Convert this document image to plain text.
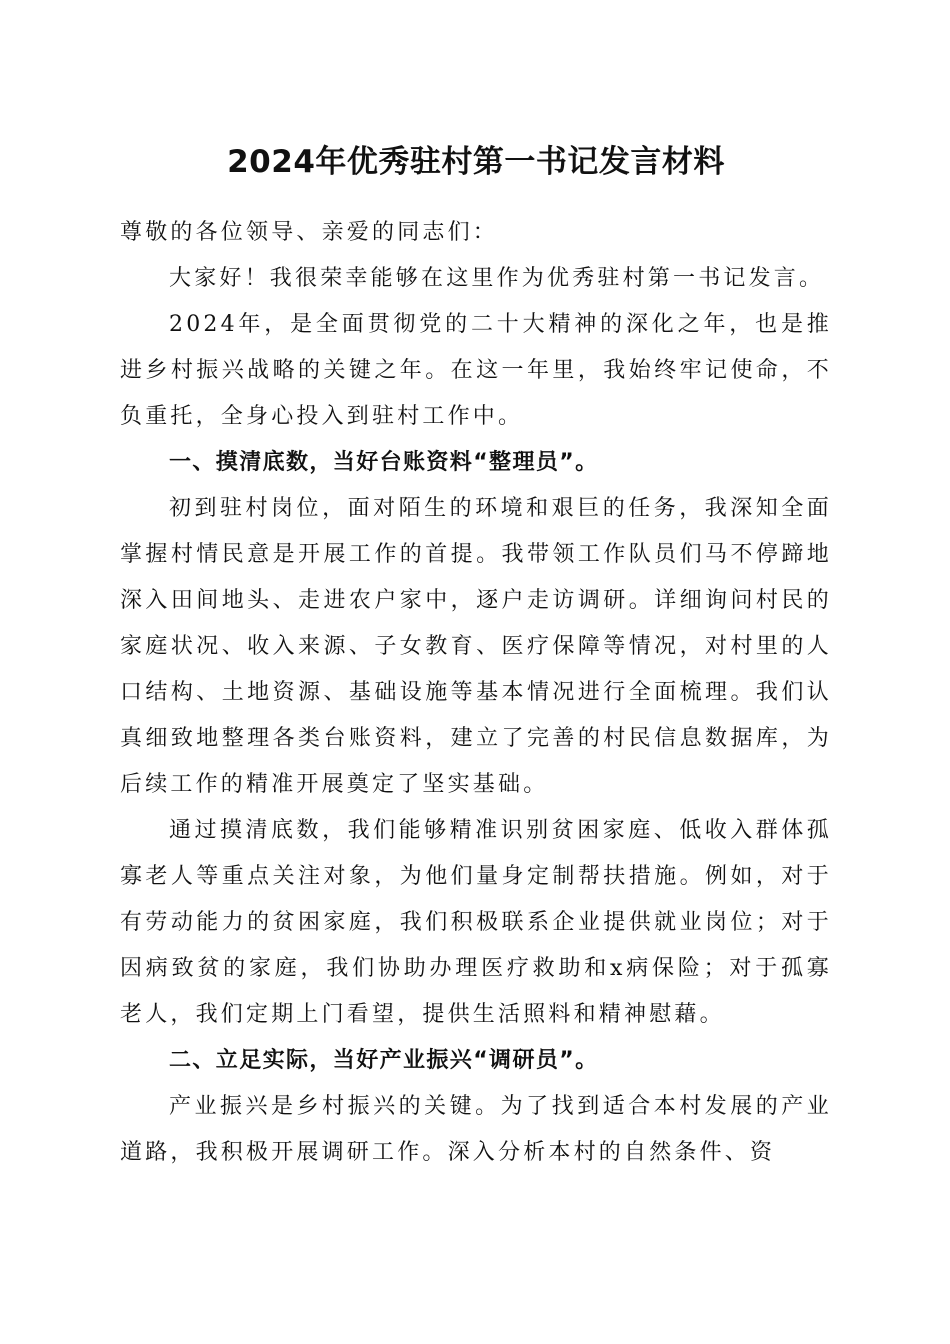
2024年优秀驻村第一书记发言材料

尊敬的各位领导、亲爱的同志们：

大家好！我很荣幸能够在这里作为优秀驻村第一书记发言。

2024年，是全面贯彻党的二十大精神的深化之年，也是推进乡村振兴战略的关键之年。在这一年里，我始终牢记使命，不负重托，全身心投入到驻村工作中。

一、摸清底数，当好台账资料“整理员”。

初到驻村岗位，面对陌生的环境和艰巨的任务，我深知全面掌握村情民意是开展工作的首提。我带领工作队员们马不停蹄地深入田间地头、走进农户家中，逐户走访调研。详细询问村民的家庭状况、收入来源、子女教育、医疗保障等情况，对村里的人口结构、土地资源、基础设施等基本情况进行全面梳理。我们认真细致地整理各类台账资料，建立了完善的村民信息数据库，为后续工作的精准开展奠定了坚实基础。

通过摸清底数，我们能够精准识别贫困家庭、低收入群体孤寡老人等重点关注对象，为他们量身定制帮扶措施。例如，对于有劳动能力的贫困家庭，我们积极联系企业提供就业岗位；对于因病致贫的家庭，我们协助办理医疗救助和x病保险；对于孤寡老人，我们定期上门看望，提供生活照料和精神慰藉。

二、立足实际，当好产业振兴“调研员”。

产业振兴是乡村振兴的关键。为了找到适合本村发展的产业道路，我积极开展调研工作。深入分析本村的自然条件、资
